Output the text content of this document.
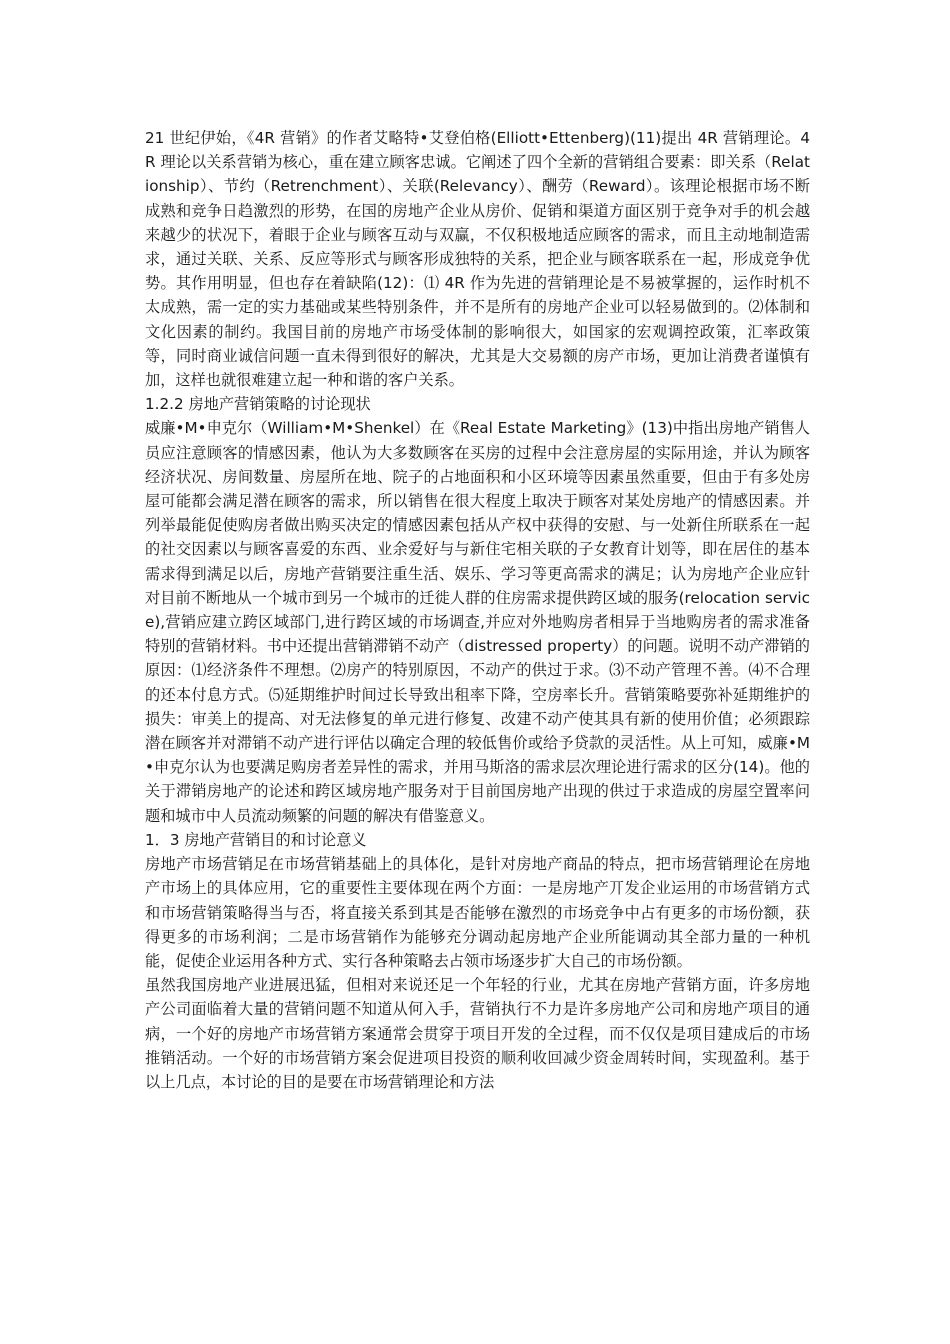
21 世纪伊始，《4R 营销》的作者艾略特•艾登伯格(Elliott•Ettenberg)(11)提出 4R 营销理论。4R 理论以关系营销为核心，重在建立顾客忠诚。它阐述了四个全新的营销组合要素：即关系（Relationship）、节约（Retrenchment）、关联(Relevancy）、酬劳（Reward）。该理论根据市场不断成熟和竞争日趋激烈的形势，在国的房地产企业从房价、促销和渠道方面区别于竞争对手的机会越来越少的状况下，着眼于企业与顾客互动与双赢，不仅积极地适应顾客的需求，而且主动地制造需求，通过关联、关系、反应等形式与顾客形成独特的关系，把企业与顾客联系在一起，形成竞争优势。其作用明显，但也存在着缺陷(12)：⑴ 4R 作为先进的营销理论是不易被掌握的，运作时机不太成熟，需一定的实力基础或某些特别条件，并不是所有的房地产企业可以轻易做到的。⑵体制和文化因素的制约。我国目前的房地产市场受体制的影响很大，如国家的宏观调控政策，汇率政策等，同时商业诚信问题一直未得到很好的解决，尤其是大交易额的房产市场，更加让消费者谨慎有加，这样也就很难建立起一种和谐的客户关系。

1.2.2 房地产营销策略的讨论现状

威廉•M•申克尔（William•M•Shenkel）在《Real Estate Marketing》(13)中指出房地产销售人员应注意顾客的情感因素，他认为大多数顾客在买房的过程中会注意房屋的实际用途，并认为顾客经济状况、房间数量、房屋所在地、院子的占地面积和小区环境等因素虽然重要，但由于有多处房屋可能都会满足潜在顾客的需求，所以销售在很大程度上取决于顾客对某处房地产的情感因素。并列举最能促使购房者做出购买决定的情感因素包括从产权中获得的安慰、与一处新住所联系在一起的社交因素以与顾客喜爱的东西、业余爱好与与新住宅相关联的子女教育计划等，即在居住的基本需求得到满足以后，房地产营销要注重生活、娱乐、学习等更高需求的满足；认为房地产企业应针对目前不断地从一个城市到另一个城市的迁徙人群的住房需求提供跨区域的服务(relocation service),营销应建立跨区域部门,进行跨区域的市场调查,并应对外地购房者相异于当地购房者的需求准备特别的营销材料。书中还提出营销滞销不动产（distressed property）的问题。说明不动产滞销的原因：⑴经济条件不理想。⑵房产的特别原因，不动产的供过于求。⑶不动产管理不善。⑷不合理的还本付息方式。⑸延期维护时间过长导致出租率下降，空房率长升。营销策略要弥补延期维护的损失：审美上的提高、对无法修复的单元进行修复、改建不动产使其具有新的使用价值；必须跟踪潜在顾客并对滞销不动产进行评估以确定合理的较低售价或给予贷款的灵活性。从上可知，威廉•M•申克尔认为也要满足购房者差异性的需求，并用马斯洛的需求层次理论进行需求的区分(14)。他的关于滞销房地产的论述和跨区域房地产服务对于目前国房地产出现的供过于求造成的房屋空置率问题和城市中人员流动频繁的问题的解决有借鉴意义。

1．3 房地产营销目的和讨论意义

房地产市场营销足在市场营销基础上的具体化，是针对房地产商品的特点，把市场营销理论在房地产市场上的具体应用，它的重要性主要体现在两个方面：一是房地产丌发企业运用的市场营销方式和市场营销策略得当与否，将直接关系到其是否能够在激烈的市场竞争中占有更多的市场份额，获得更多的市场利润；二是市场营销作为能够充分调动起房地产企业所能调动其全部力量的一种机能，促使企业运用各种方式、实行各种策略去占领市场逐步扩大自己的市场份额。

虽然我国房地产业进展迅猛，但相对来说还足一个年轻的行业，尤其在房地产营销方面，许多房地产公司面临着大量的营销问题不知道从何入手，营销执行不力是许多房地产公司和房地产项目的通病，一个好的房地产市场营销方案通常会贯穿于项目开发的全过程，而不仅仅是项目建成后的市场推销活动。一个好的市场营销方案会促进项目投资的顺利收回减少资金周转时间，实现盈利。基于以上几点，本讨论的目的是要在市场营销理论和方法
